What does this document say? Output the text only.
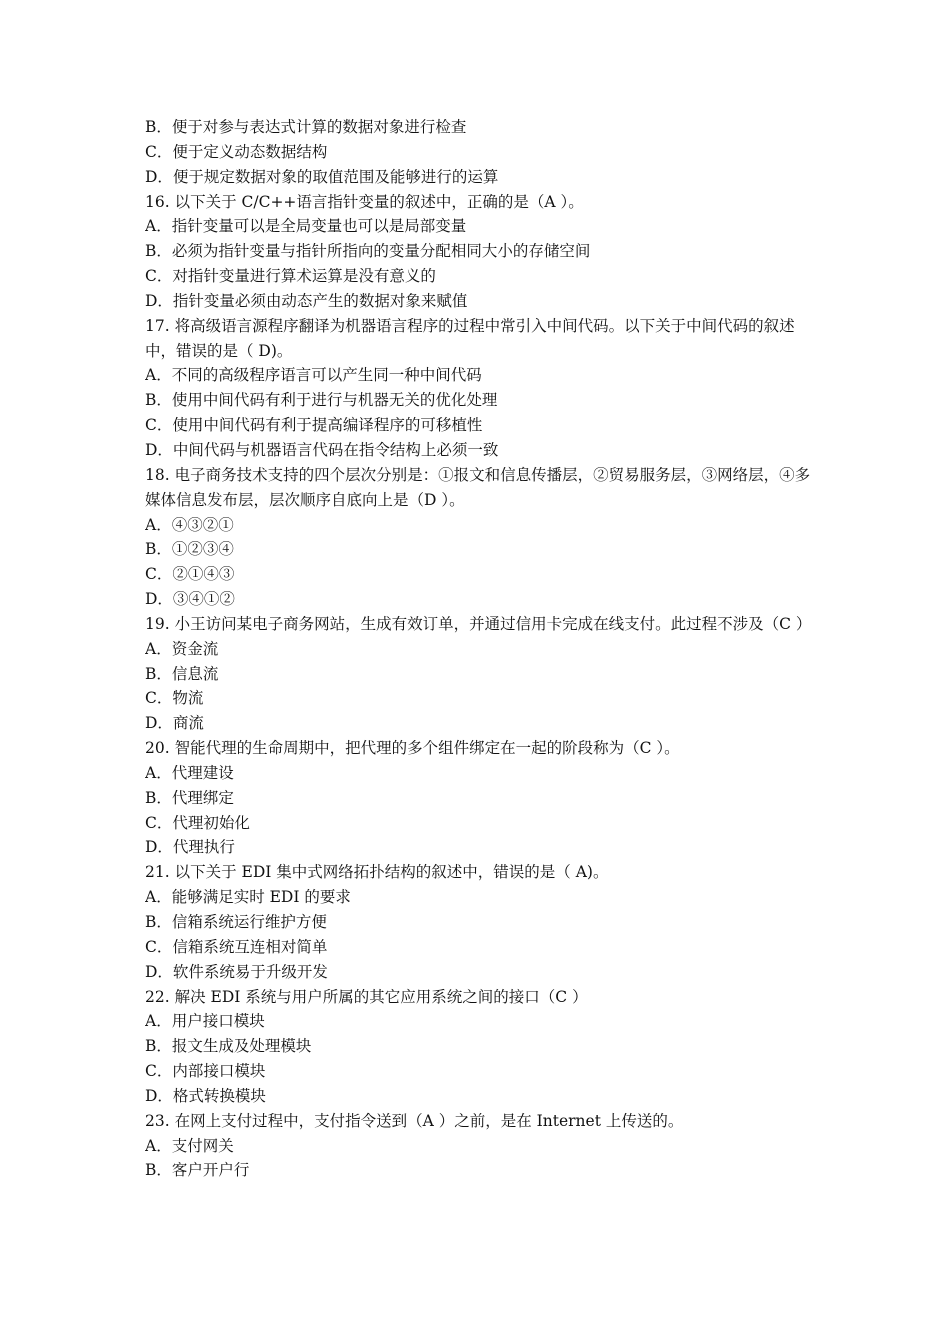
B．便于对参与表达式计算的数据对象进行检查
C．便于定义动态数据结构
D．便于规定数据对象的取值范围及能够进行的运算
16. 以下关于 C/C++语言指针变量的叙述中，正确的是（A ）。
A．指针变量可以是全局变量也可以是局部变量
B．必须为指针变量与指针所指向的变量分配相同大小的存储空间
C．对指针变量进行算术运算是没有意义的
D．指针变量必须由动态产生的数据对象来赋值
17. 将高级语言源程序翻译为机器语言程序的过程中常引入中间代码。以下关于中间代码的叙述中，错误的是（ D)。
A．不同的高级程序语言可以产生同一种中间代码
B．使用中间代码有利于进行与机器无关的优化处理
C．使用中间代码有利于提高编译程序的可移植性
D．中间代码与机器语言代码在指令结构上必须一致
18. 电子商务技术支持的四个层次分别是：①报文和信息传播层，②贸易服务层，③网络层，④多媒体信息发布层，层次顺序自底向上是（D ）。
A．④③②①
B．①②③④
C．②①④③
D．③④①②
19. 小王访问某电子商务网站，生成有效订单，并通过信用卡完成在线支付。此过程不涉及（C ）
A．资金流
B．信息流
C．物流
D．商流
20. 智能代理的生命周期中，把代理的多个组件绑定在一起的阶段称为（C ）。
A．代理建设
B．代理绑定
C．代理初始化
D．代理执行
21. 以下关于 EDI 集中式网络拓扑结构的叙述中，错误的是（ A)。
A．能够满足实时 EDI 的要求
B．信箱系统运行维护方便
C．信箱系统互连相对简单
D．软件系统易于升级开发
22. 解决 EDI 系统与用户所属的其它应用系统之间的接口（C ）
A．用户接口模块
B．报文生成及处理模块
C．内部接口模块
D．格式转换模块
23. 在网上支付过程中，支付指令送到（A ）之前，是在 Internet 上传送的。
A．支付网关
B．客户开户行
